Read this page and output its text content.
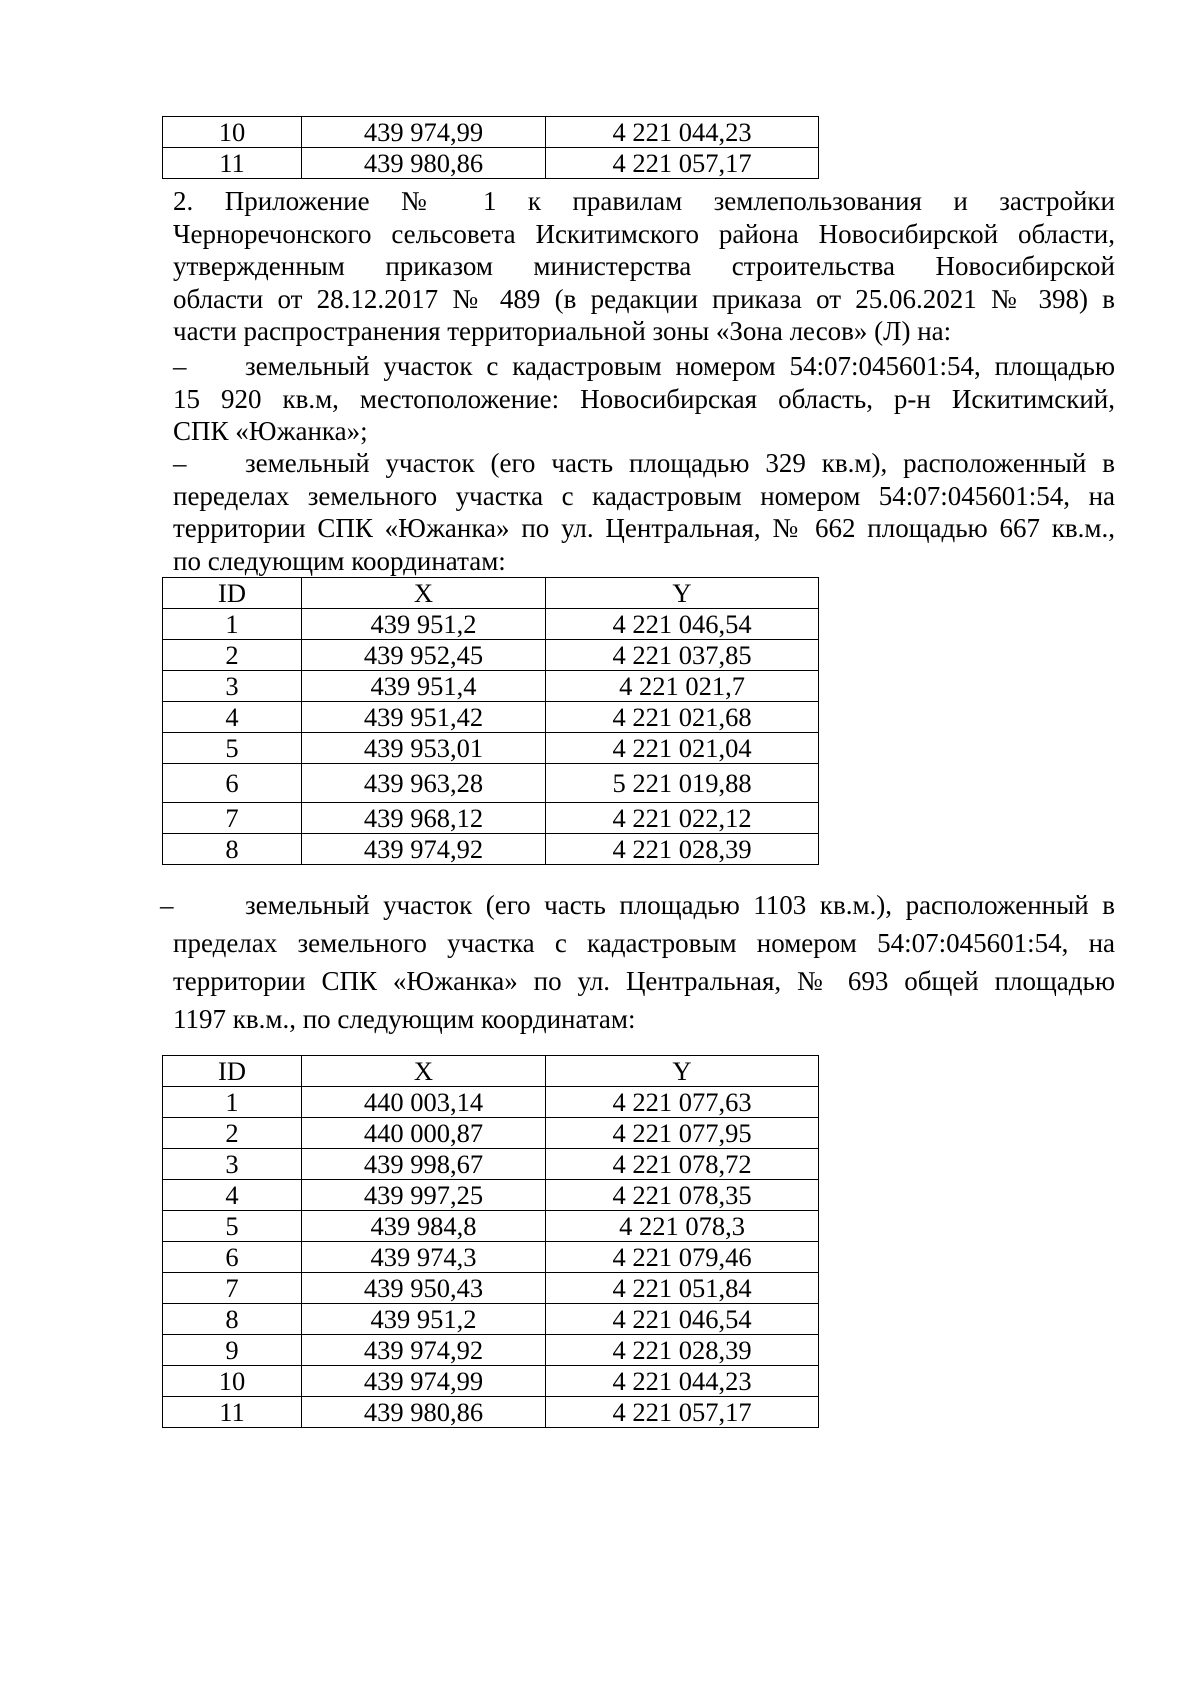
10	439 974,99	4 221 044,23
11	439 980,86	4 221 057,17
2. Приложение № 1 к правилам землепользования и застройки
Черноречонского сельсовета Искитимского района Новосибирской области,
утвержденным приказом министерства строительства Новосибирской
области от 28.12.2017 № 489 (в редакции приказа от 25.06.2021 № 398) в
части распространения территориальной зоны «Зона лесов» (Л) на:
–	земельный участок с кадастровым номером 54:07:045601:54, площадью
15 920 кв.м, местоположение: Новосибирская область, р-н Искитимский,
СПК «Южанка»;
–	земельный участок (его часть площадью 329 кв.м), расположенный в
переделах земельного участка с кадастровым номером 54:07:045601:54, на
территории СПК «Южанка» по ул. Центральная, № 662 площадью 667 кв.м.,
по следующим координатам:
ID	X	Y
1	439 951,2	4 221 046,54
2	439 952,45	4 221 037,85
3	439 951,4	4 221 021,7
4	439 951,42	4 221 021,68
5	439 953,01	4 221 021,04
6	439 963,28	5 221 019,88
7	439 968,12	4 221 022,12
8	439 974,92	4 221 028,39
–	земельный участок (его часть площадью 1103 кв.м.), расположенный в
пределах земельного участка с кадастровым номером 54:07:045601:54, на
территории СПК «Южанка» по ул. Центральная, № 693 общей площадью
1197 кв.м., по следующим координатам:
ID	X	Y
1	440 003,14	4 221 077,63
2	440 000,87	4 221 077,95
3	439 998,67	4 221 078,72
4	439 997,25	4 221 078,35
5	439 984,8	4 221 078,3
6	439 974,3	4 221 079,46
7	439 950,43	4 221 051,84
8	439 951,2	4 221 046,54
9	439 974,92	4 221 028,39
10	439 974,99	4 221 044,23
11	439 980,86	4 221 057,17
